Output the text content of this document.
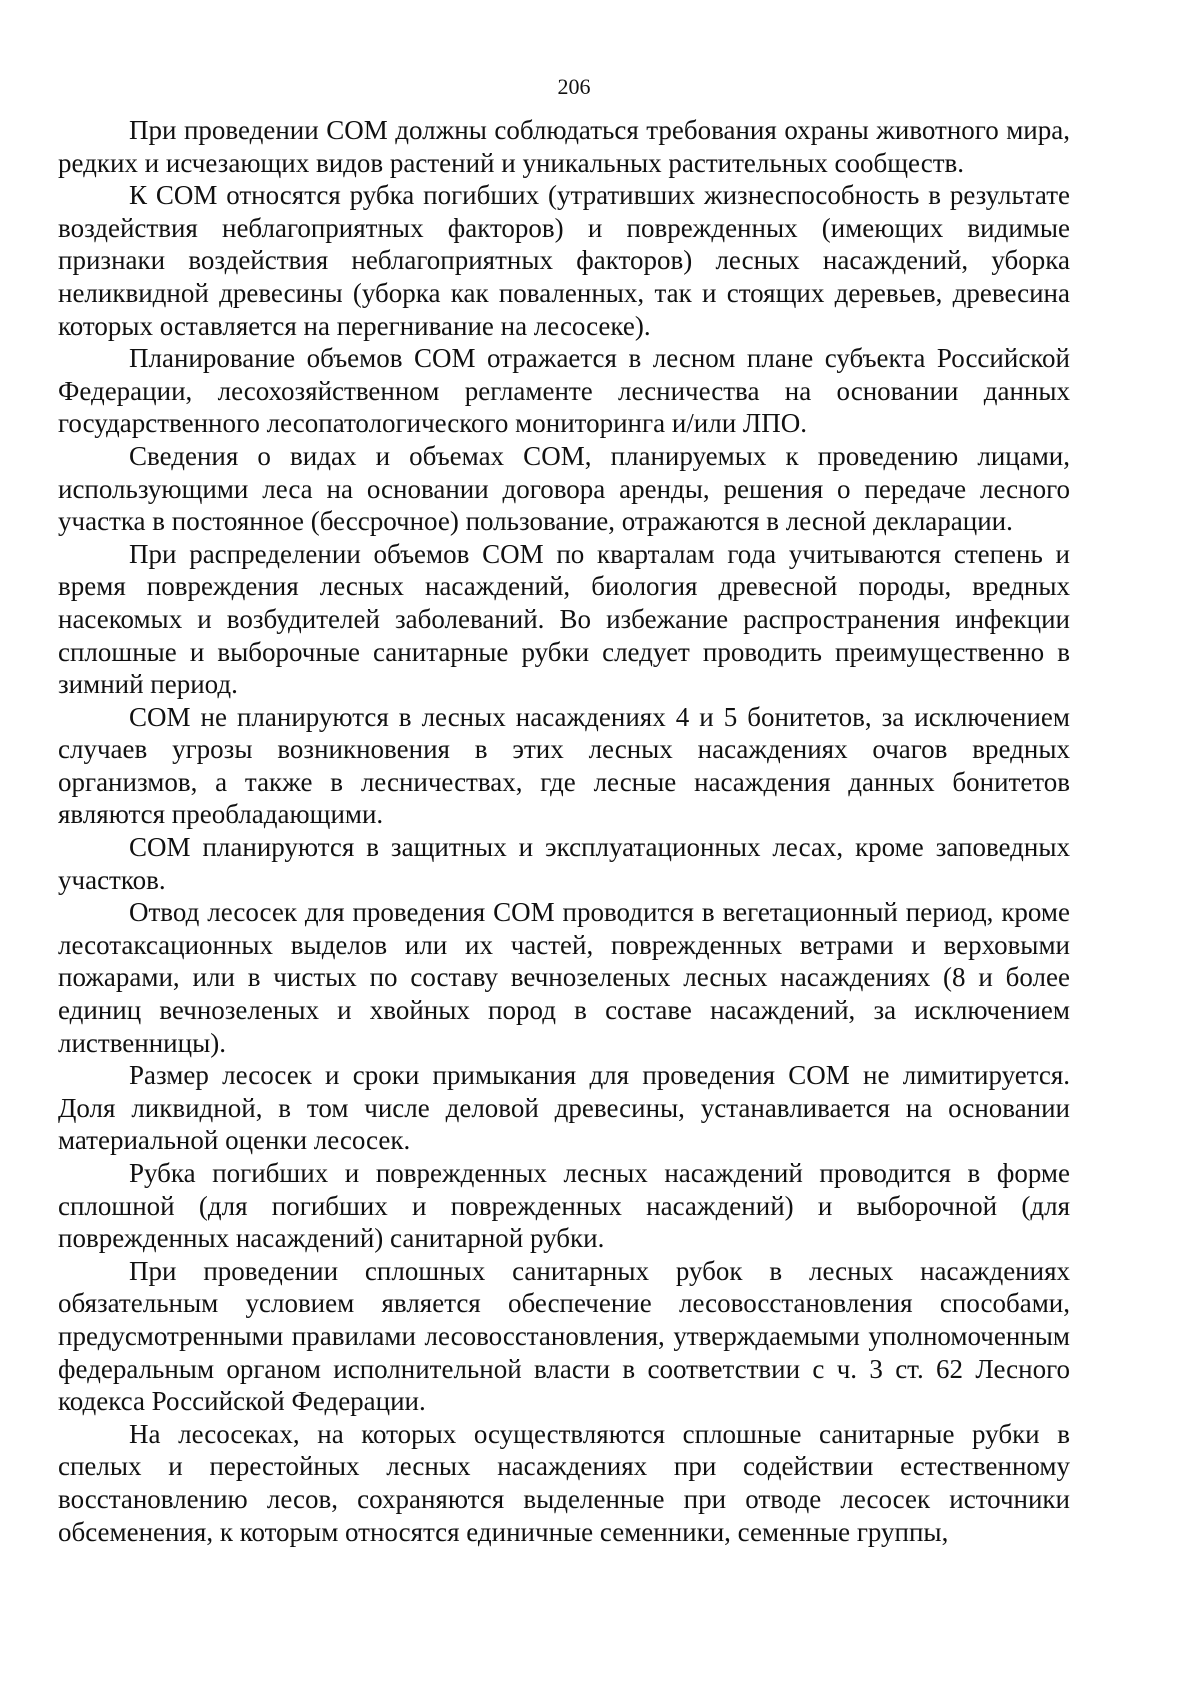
206

При проведении СОМ должны соблюдаться требования охраны животного мира, редких и исчезающих видов растений и уникальных растительных сообществ.

К СОМ относятся рубка погибших (утративших жизнеспособность в результате воздействия неблагоприятных факторов) и поврежденных (имеющих видимые признаки воздействия неблагоприятных факторов) лесных насаждений, уборка неликвидной древесины (уборка как поваленных, так и стоящих деревьев, древесина которых оставляется на перегнивание на лесосеке).

Планирование объемов СОМ отражается в лесном плане субъекта Российской Федерации, лесохозяйственном регламенте лесничества на основании данных государственного лесопатологического мониторинга и/или ЛПО.

Сведения о видах и объемах СОМ, планируемых к проведению лицами, использующими леса на основании договора аренды, решения о передаче лесного участка в постоянное (бессрочное) пользование, отражаются в лесной декларации.

При распределении объемов СОМ по кварталам года учитываются степень и время повреждения лесных насаждений, биология древесной породы, вредных насекомых и возбудителей заболеваний. Во избежание распространения инфекции сплошные и выборочные санитарные рубки следует проводить преимущественно в зимний период.

СОМ не планируются в лесных насаждениях 4 и 5 бонитетов, за исключением случаев угрозы возникновения в этих лесных насаждениях очагов вредных организмов, а также в лесничествах, где лесные насаждения данных бонитетов являются преобладающими.

СОМ планируются в защитных и эксплуатационных лесах, кроме заповедных участков.

Отвод лесосек для проведения СОМ проводится в вегетационный период, кроме лесотаксационных выделов или их частей, поврежденных ветрами и верховыми пожарами, или в чистых по составу вечнозеленых лесных насаждениях (8 и более единиц вечнозеленых и хвойных пород в составе насаждений, за исключением лиственницы).

Размер лесосек и сроки примыкания для проведения СОМ не лимитируется. Доля ликвидной, в том числе деловой древесины, устанавливается на основании материальной оценки лесосек.

Рубка погибших и поврежденных лесных насаждений проводится в форме сплошной (для погибших и поврежденных насаждений) и выборочной (для поврежденных насаждений) санитарной рубки.

При проведении сплошных санитарных рубок в лесных насаждениях обязательным условием является обеспечение лесовосстановления способами, предусмотренными правилами лесовосстановления, утверждаемыми уполномоченным федеральным органом исполнительной власти в соответствии с ч. 3 ст. 62 Лесного кодекса Российской Федерации.

На лесосеках, на которых осуществляются сплошные санитарные рубки в спелых и перестойных лесных насаждениях при содействии естественному восстановлению лесов, сохраняются выделенные при отводе лесосек источники обсеменения, к которым относятся единичные семенники, семенные группы,
